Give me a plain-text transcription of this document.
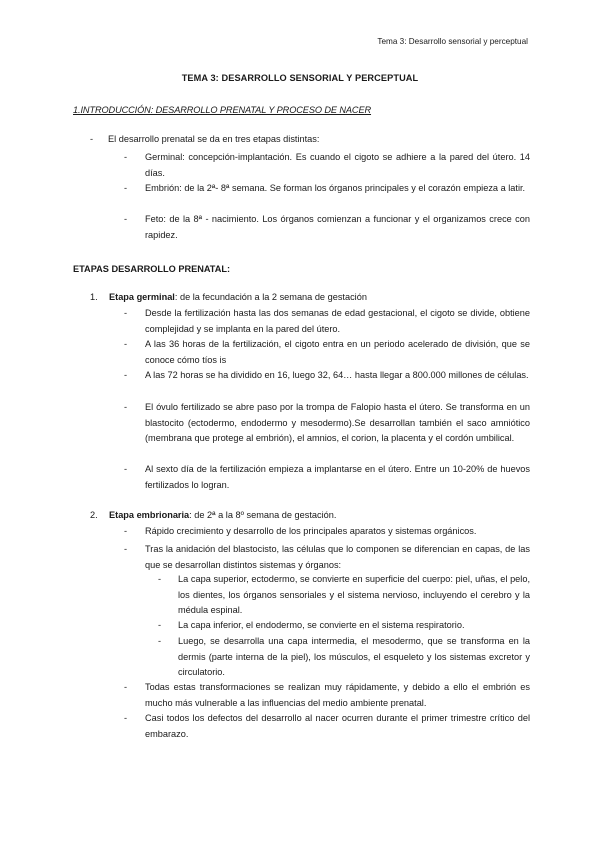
Tema 3: Desarrollo sensorial y perceptual
TEMA 3: DESARROLLO SENSORIAL Y PERCEPTUAL
1.INTRODUCCIÓN: DESARROLLO PRENATAL Y PROCESO DE NACER
- El desarrollo prenatal se da en tres etapas distintas:
- Germinal: concepción-implantación. Es cuando el cigoto se adhiere a la pared del útero. 14 días.
- Embrión: de la 2ª- 8ª semana. Se forman los órganos principales y el corazón empieza a latir.
- Feto: de la 8ª - nacimiento. Los órganos comienzan a funcionar y el organizamos crece con rapidez.
ETAPAS DESARROLLO PRENATAL:
1. Etapa germinal: de la fecundación a la 2 semana de gestación
- Desde la fertilización hasta las dos semanas de edad gestacional, el cigoto se divide, obtiene complejidad y se implanta en la pared del útero.
- A las 36 horas de la fertilización, el cigoto entra en un periodo acelerado de división, que se conoce cómo tíos is
- A las 72 horas se ha dividido en 16, luego 32, 64… hasta llegar a 800.000 millones de células.
- El óvulo fertilizado se abre paso por la trompa de Falopio hasta el útero. Se transforma en un blastocito (ectodermo, endodermo y mesodermo).Se desarrollan también el saco amniótico (membrana que protege al embrión), el amnios, el corion, la placenta y el cordón umbilical.
- Al sexto día de la fertilización empieza a implantarse en el útero. Entre un 10-20% de huevos fertilizados lo logran.
2. Etapa embrionaria: de 2ª a la 8º semana de gestación.
- Rápido crecimiento y desarrollo de los principales aparatos y sistemas orgánicos.
- Tras la anidación del blastocisto, las células que lo componen se diferencian en capas, de las que se desarrollan distintos sistemas y órganos:
- La capa superior, ectodermo, se convierte en superficie del cuerpo: piel, uñas, el pelo, los dientes, los órganos sensoriales y el sistema nervioso, incluyendo el cerebro y la médula espinal.
- La capa inferior, el endodermo, se convierte en el sistema respiratorio.
- Luego, se desarrolla una capa intermedia, el mesodermo, que se transforma en la dermis (parte interna de la piel), los músculos, el esqueleto y los sistemas excretor y circulatorio.
- Todas estas transformaciones se realizan muy rápidamente, y debido a ello el embrión es mucho más vulnerable a las influencias del medio ambiente prenatal.
- Casi todos los defectos del desarrollo al nacer ocurren durante el primer trimestre crítico del embarazo.
